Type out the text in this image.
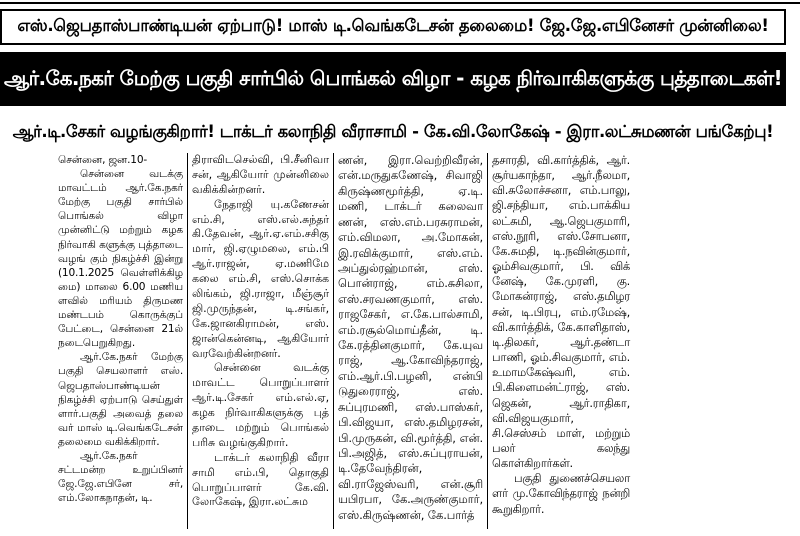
எஸ்.ஜெபதாஸ்பாண்டியன் ஏற்பாடு! மாஸ் டி.வெங்கடேசன் தலைமை! ஜே.ஜே.எபினேசர் முன்னிலை!
ஆர்.கே.நகர் மேற்கு பகுதி சார்பில் பொங்கல் விழா - கழக நிர்வாகிகளுக்கு புத்தாடைகள்!
ஆர்.டி.சேகர் வழங்குகிறார்! டாக்டர் கலாநிதி வீராசாமி - கே.வி.லோகேஷ் - இரா.லட்சுமணன் பங்கேற்பு!

சென்னை, ஜன.10-

சென்னை வடக்கு மாவட்டம் ஆர்.கே.நகர் மேற்கு பகுதி சார்பில் பொங்கல் விழா முன்னிட்டு மற்றும் கழக நிர்வாகி களுக்கு புத்தாடை வழங் கும் நிகழ்ச்சி இன்று (10.1.2025 வெள்ளிக்கிழ மை) மாலை 6.00 மணிய ளவில் மரியம் திருமண மண்டபம் கொருக்குப் பேட்டை, சென்னை 21ல் நடைபெறுகிறது.

ஆர்.கே.நகர் மேற்கு பகுதி செயலாளர் எஸ். ஜெபதாஸ்பாண்டியன் நிகழ்ச்சி ஏற்பாடு செய்துள் ளார்.பகுதி அவைத் தலை வர் மாஸ் டி.வெங்கடேசன் தலைமை வகிக்கிறார்.

ஆர்.கே.நகர் சட்டமன்ற உறுப்பினர் ஜே.ஜே.எபினே சர், எம்.லோகநாதன், டி.

திராவிடசெல்வி, பி.சீனிவா சன், ஆகியோர் முன்னிலை வகிக்கின்றனர்.

நேதாஜி யு.கணேசன் எம்.சி, எஸ்.எல்.சுந்தர் கி.தேவன், ஆர்.ஏ.எம்.சசிகு மார், ஜி.ஏழுமலை, எம்.பி ஆர்.ராஜன், ஏ.மணிமே கலை எம்.சி, எஸ்.சொக்க லிங்கம், ஜி.ராஜா, மீஞ்சூர் ஜி.முருந்தன், டி.சங்கர், கே.ஜானகிராமன், எஸ். ஜான்கென்னடி, ஆகியோர் வரவேற்கின்றனர்.

சென்னை வடக்கு மாவட்ட பொறுப்பாளர் ஆர்.டி.சேகர் எம்.எல்.ஏ, கழக நிர்வாகிகளுக்கு புத் தாடை மற்றும் பொங்கல் பரிசு வழங்குகிறார்.

டாக்டர் கலாநிதி வீரா சாமி எம்.பி, தொகுதி பொறுப்பாளர் கே.வி. லோகேஷ், இரா.லட்சும

ணன், இரா.வெற்றிவீரன், என்.மருதுகணேஷ், சிவாஜி கிருஷ்ணமூர்த்தி, ஏ.டி. மணி, டாக்டர் கலைவா ணன், எஸ்.எம்.பரசுராமன், எம்.விமலா, அ.மோகன், இ.ரவிக்குமார், எஸ்.எம். அப்துல்ரஹ்மான், எஸ். பொன்ராஜ், எம்.சுசிலா, எஸ்.சரவணகுமார், எஸ். ராஜசேகர், எ.கே.பால்சாமி, எம்.ரசூல்மொய்தீன், டி. கே.ரத்தினகுமார், கே.யுவ ராஜ், ஆ.கோவிந்தராஜ், எம்.ஆர்.பி.பழனி, என்பி டுதுரைராஜ், எஸ். சுப்புரமணி, எஸ்.பாஸ்கர், பி.விஜயா, எஸ்.தமிழரசன், பி.முருகன், வி.மூர்த்தி, என். பி.அஜித், எஸ்.சுப்புராயன், டி.தேவேந்திரன், வி.ராஜேஸ்வரி, என்.சூரி யபிரபா, கே.அருண்குமார், எஸ்.கிருஷ்ணன், கே.பார்த்

தசாரதி, வி.கார்த்திக், ஆர். சூர்யகாந்தா, ஆர்.நீலமா, வி.சுலோச்சனா, எம்.பாலு, ஜி.சந்தியா, எம்.பாக்கிய லட்சுமி, ஆ.ஜெபகுமாரி, எஸ்.நூரி, எஸ்.சோபனா, கே.சுமதி, டி.நவின்குமார், ஓம்சிவகுமார், பி. விக் னேஷ், கே.முரளி, கு. மோகன்ராஜ், எஸ்.தமிழர சன், டி.பிரபு, எம்.ரமேஷ், வி.கார்த்திக், கே.காளிதாஸ், டி.திலகர், ஆர்.தண்டா பாணி, ஓம்.சிவகுமார், எம். உமாமகேஷ்வரி, எம். பி.கிளைமன்ட்ராஜ், எஸ். ஜெகன், ஆர்.ராதிகா, வி.விஜயகுமார், சி.செஸ்சம் மாள், மற்றும் பலர் கலந்து கொள்கிறார்கள்.

பகுதி துணைச்செயலா ளர் மு.கோவிந்தராஜ் நன்றி கூறுகிறார்.
